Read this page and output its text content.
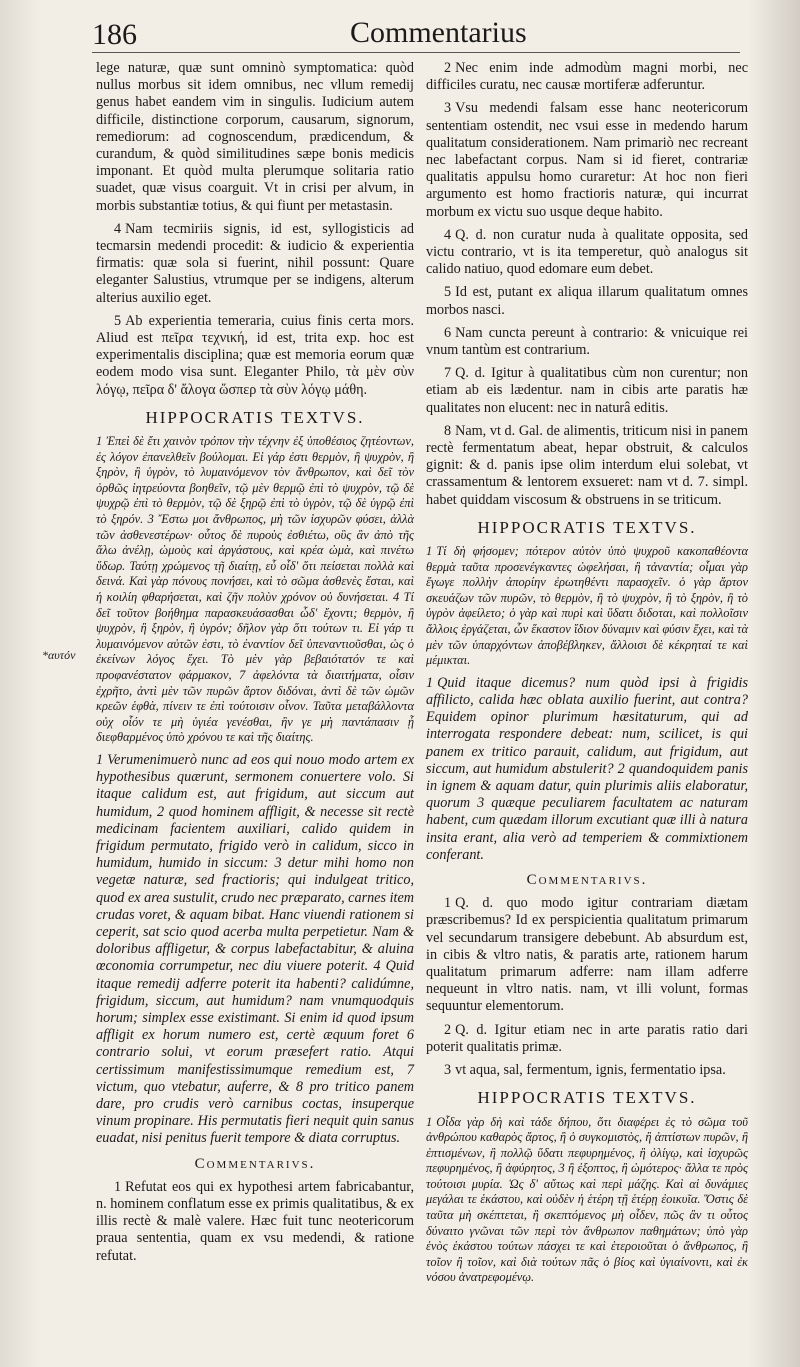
186	Commentarius
*αυτόν

lege naturæ, quæ sunt omninò symptomatica: quòd nullus morbus sit idem omnibus, nec vllum remedij genus habet eandem vim in singulis. Iudicium autem difficile, distinctione corporum, causarum, signorum, remediorum: ad cognoscendum, prædicendum, & curandum, & quòd similitudines sæpe bonis medicis imponant. Et quòd multa plerumque solitaria ratio suadet, quæ visus coarguit. Vt in crisi per alvum, in morbis substantiæ totius, & qui fiunt per metastasin.

4 Nam tecmiriis signis, id est, syllogisticis ad tecmarsin medendi procedit: & iudicio & experientia firmatis: quæ sola si fuerint, nihil possunt: Quare eleganter Salustius, vtrumque per se indigens, alterum alterius auxilio eget.

5 Ab experientia temeraria, cuius finis certa mors. Aliud est πεῖρα τεχνική, id est, trita exp. hoc est experimentalis disciplina; quæ est memoria eorum quæ eodem modo visa sunt. Eleganter Philo, τὰ μὲν σὺν λόγῳ, πεῖρα δ' ἄλογα ὥσπερ τὰ σὺν λόγῳ μάθη.

HIPPOCRATIS TEXTVS.

1 Ἐπεὶ δὲ ἔτι χαινὸν τρόπον τὴν τέχνην ἐξ ὑποθέσιος ζητέοντων, ἐς λόγον ἐπανελθεῖν βούλομαι. Εἰ γάρ ἐστι θερμὸν, ἢ ψυχρὸν, ἢ ξηρὸν, ἢ ὑγρὸν, τὸ λυμαινόμενον τὸν ἄνθρωπον, καὶ δεῖ τὸν ὀρθῶς ἰητρεύοντα βοηθεῖν, τῷ μὲν θερμῷ ἐπὶ τὸ ψυχρὸν, τῷ δὲ ψυχρῷ ἐπὶ τὸ θερμὸν, τῷ δὲ ξηρῷ ἐπὶ τὸ ὑγρὸν, τῷ δὲ ὑγρῷ ἐπὶ τὸ ξηρόν. 3 Ἔστω μοι ἄνθρωπος, μὴ τῶν ἰσχυρῶν φύσει, ἀλλὰ τῶν ἀσθενεστέρων· οὗτος δὲ πυροὺς ἐσθιέτω, οὓς ἂν ἀπὸ τῆς ἅλω ἀνέλῃ, ὠμοὺς καὶ ἀργάστους, καὶ κρέα ὠμὰ, καὶ πινέτω ὕδωρ. Ταύτῃ χρώμενος τῇ διαίτῃ, εὖ οἶδ' ὅτι πείσεται πολλὰ καὶ δεινά. Καὶ γὰρ πόνους πονήσει, καὶ τὸ σῶμα ἀσθενὲς ἔσται, καὶ ἡ κοιλίη φθαρήσεται, καὶ ζῆν πολὺν χρόνον οὐ δυνήσεται. 4 Τί δεῖ τοῦτον βοήθημα παρασκευάσασθαι ὧδ' ἔχοντι; θερμὸν, ἢ ψυχρὸν, ἢ ξηρὸν, ἢ ὑγρόν; δῆλον γὰρ ὅτι τούτων τι. Εἰ γάρ τι λυμαινόμενον αὐτῶν ἐστι, τὸ ἐναντίον δεῖ ὑπεναντιοῦσθαι, ὡς ὁ ἐκείνων λόγος ἔχει. Τὸ μὲν γὰρ βεβαιότατόν τε καὶ προφανέστατον φάρμακον, 7 ἀφελόντα τὰ διαιτήματα, οἷσιν ἐχρῆτο, ἀντὶ μὲν τῶν πυρῶν ἄρτον διδόναι, ἀντὶ δὲ τῶν ὠμῶν κρεῶν ἑφθὰ, πίνειν τε ἐπὶ τούτοισιν οἶνον. Ταῦτα μεταβάλλοντα οὐχ οἷόν τε μὴ ὑγιέα γενέσθαι, ἢν γε μὴ παντάπασιν ᾖ διεφθαρμένος ὑπὸ χρόνου τε καὶ τῆς διαίτης.

1 Verumenimuerò nunc ad eos qui nouo modo artem ex hypothesibus quærunt, sermonem conuertere volo. Si itaque calidum est, aut frigidum, aut siccum aut humidum, 2 quod hominem affligit, & necesse sit rectè medicinam facientem auxiliari, calido quidem in frigidum permutato, frigido verò in calidum, sicco in humidum, humido in siccum: 3 detur mihi homo non vegetæ naturæ, sed fractioris; qui indulgeat tritico, quod ex area sustulit, crudo nec præparato, carnes item crudas voret, & aquam bibat. Hanc viuendi rationem si ceperit, sat scio quod acerba multa perpetietur. Nam & doloribus affligetur, & corpus labefactabitur, & aluina œconomia corrumpetur, nec diu viuere poterit. 4 Quid itaque remedij adferre poterit ita habenti? calidúmne, frigidum, siccum, aut humidum? nam vnumquodquis horum; simplex esse existimant. Si enim id quod ipsum affligit ex horum numero est, certè æquum foret 6 contrario solui, vt eorum præsefert ratio. Atqui certissimum manifestissimumque remedium est, 7 victum, quo vtebatur, auferre, & 8 pro tritico panem dare, pro crudis verò carnibus coctas, insuperque vinum propinare. His permutatis fieri nequit quin sanus euadat, nisi penitus fuerit tempore & diata corruptus.

Commentarivs.

1 Refutat eos qui ex hypothesi artem fabricabantur, n. hominem conflatum esse ex primis qualitatibus, & ex illis rectè & malè valere. Hæc fuit tunc neotericorum praua sententia, quam ex vsu medendi, & ratione refutat.

2 Nec enim inde admodùm magni morbi, nec difficiles curatu, nec causæ mortiferæ adferuntur.

3 Vsu medendi falsam esse hanc neotericorum sententiam ostendit, nec vsui esse in medendo harum qualitatum considerationem. Nam primariò nec recreant nec labefactant corpus. Nam si id fieret, contrariæ qualitatis appulsu homo curaretur: At hoc non fieri argumento est homo fractioris naturæ, qui incurrat morbum ex victu suo usque deque habito.

4 Q. d. non curatur nuda à qualitate opposita, sed victu contrario, vt is ita temperetur, quò analogus sit calido natiuo, quod edomare eum debet.

5 Id est, putant ex aliqua illarum qualitatum omnes morbos nasci.

6 Nam cuncta pereunt à contrario: & vnicuique rei vnum tantùm est contrarium.

7 Q. d. Igitur à qualitatibus cùm non curentur; non etiam ab eis lædentur. nam in cibis arte paratis hæ qualitates non elucent: nec in naturâ editis.

8 Nam, vt d. Gal. de alimentis, triticum nisi in panem rectè fermentatum abeat, hepar obstruit, & calculos gignit: & d. panis ipse olim interdum elui solebat, vt crassamentum & lentorem exsueret: nam vt d. 7. simpl. habet quiddam viscosum & obstruens in se triticum.

HIPPOCRATIS TEXTVS.

1 Τί δὴ φήσομεν; πότερον αὐτὸν ὑπὸ ψυχροῦ κακοπαθέοντα θερμὰ ταῦτα προσενέγκαντες ὠφελήσαι, ἢ τἀναντία; οἶμαι γὰρ ἔγωγε πολλὴν ἀπορίην ἐρωτηθέντι παρασχεῖν. ὁ γὰρ ἄρτον σκευάζων τῶν πυρῶν, τὸ θερμὸν, ἢ τὸ ψυχρὸν, ἢ τὸ ξηρὸν, ἢ τὸ ὑγρὸν ἀφείλετο; ὁ γὰρ καὶ πυρὶ καὶ ὕδατι διδοται, καὶ πολλοῖσιν ἄλλοις ἐργάζεται, ὧν ἕκαστον ἴδιον δύναμιν καὶ φύσιν ἔχει, καὶ τὰ μὲν τῶν ὑπαρχόντων ἀποβέβληκεν, ἄλλοισι δὲ κέκρηταί τε καὶ μέμικται.

1 Quid itaque dicemus? num quòd ipsi à frigidis affilicto, calida hæc oblata auxilio fuerint, aut contra? Equidem opinor plurimum hæsitaturum, qui ad interrogata respondere debeat: num, scilicet, is qui panem ex tritico parauit, calidum, aut frigidum, aut siccum, aut humidum abstulerit? 2 quandoquidem panis in ignem & aquam datur, quin plurimis aliis elaboratur, quorum 3 quæque peculiarem facultatem ac naturam habent, cum quædam illorum excutiant quæ illi à natura insita erant, alia verò ad temperiem & commixtionem conferant.

Commentarivs.

1 Q. d. quo modo igitur contrariam diætam præscribemus? Id ex perspicientia qualitatum primarum vel secundarum transigere debebunt. Ab absurdum est, in cibis & vltro natis, & paratis arte, rationem harum qualitatum primarum adferre: nam illam adferre nequeunt in vltro natis. nam, vt illi volunt, formas sequuntur elementorum.

2 Q. d. Igitur etiam nec in arte paratis ratio dari poterit qualitatis primæ.

3 vt aqua, sal, fermentum, ignis, fermentatio ipsa.

HIPPOCRATIS TEXTVS.

1 Οἶδα γὰρ δὴ καὶ τάδε δήπου, ὅτι διαφέρει ἐς τὸ σῶμα τοῦ ἀνθρώπου καθαρὸς ἄρτος, ἢ ὁ συγκομιστὸς, ἢ ἀπτίστων πυρῶν, ἢ ἐπτισμένων, ἢ πολλῷ ὕδατι πεφυρημένος, ἢ ὀλίγῳ, καὶ ἰσχυρῶς πεφυρημένος, ἢ ἀφύρητος, 3 ἢ ἐξοπτος, ἢ ὠμότερος· ἄλλα τε πρὸς τούτοισι μυρία. Ὡς δ' αὔτως καὶ περὶ μάζης. Καὶ αἱ δυνάμιες μεγάλαι τε ἑκάστου, καὶ οὐδὲν ἡ ἑτέρη τῇ ἑτέρῃ ἐοικυῖα. Ὅστις δὲ ταῦτα μὴ σκέπτεται, ἢ σκεπτόμενος μὴ οἶδεν, πῶς ἂν τι οὗτος δύναιτο γνῶναι τῶν περὶ τὸν ἄνθρωπον παθημάτων; ὑπὸ γὰρ ἑνὸς ἑκάστου τούτων πάσχει τε καὶ ἑτεροιοῦται ὁ ἄνθρωπος, ἢ τοῖον ἢ τοῖον, καὶ διὰ τούτων πᾶς ὁ βίος καὶ ὑγιαίνοντι, καὶ ἐκ νόσου ἀνατρεφομένῳ.
